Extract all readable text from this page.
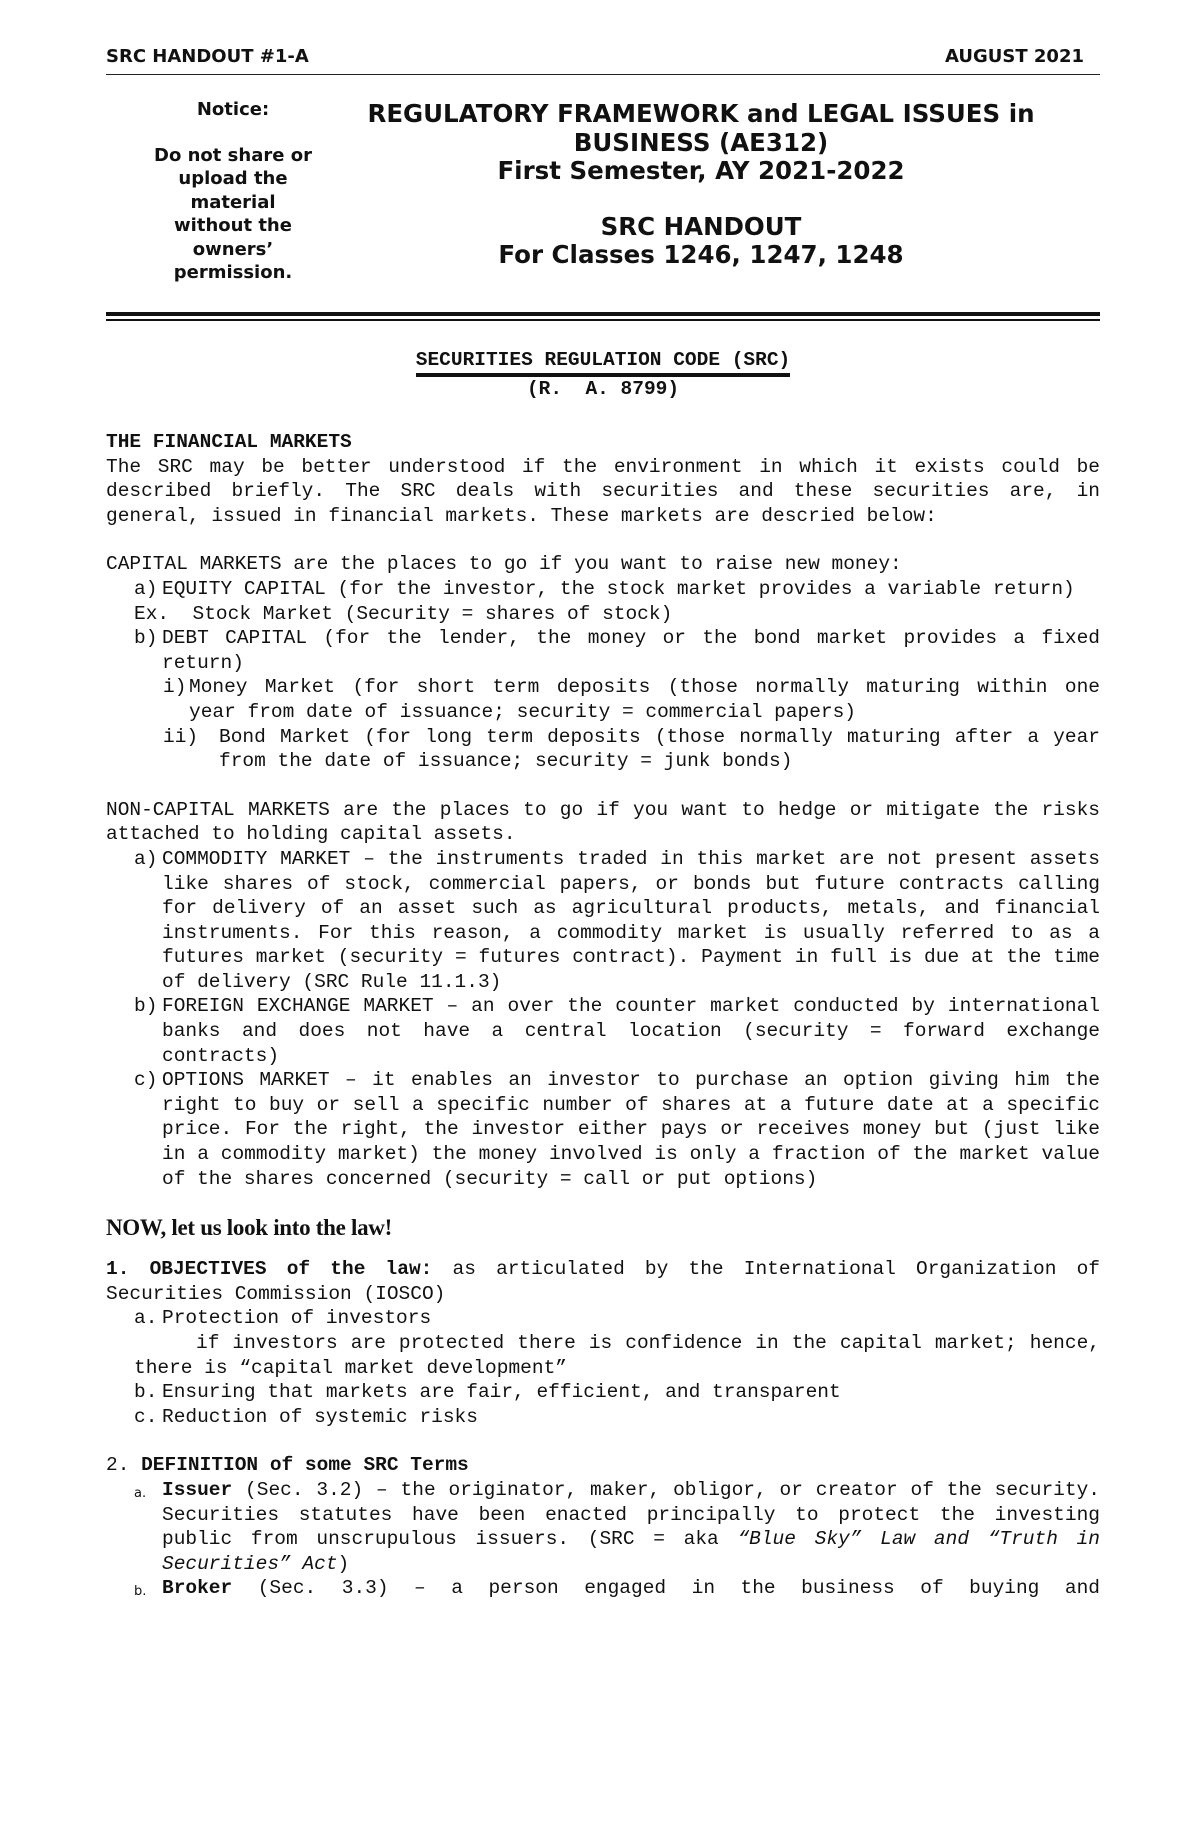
SRC HANDOUT #1-A	AUGUST 2021
Notice:
Do not share or
upload the
material
without the
owners’
permission.
REGULATORY FRAMEWORK and LEGAL ISSUES in
BUSINESS (AE312)
First Semester, AY 2021-2022
SRC HANDOUT
For Classes 1246, 1247, 1248
SECURITIES REGULATION CODE (SRC)
(R.  A. 8799)
THE FINANCIAL MARKETS

The SRC may be better understood if the environment in which it exists could be described briefly. The SRC deals with securities and these securities are, in general, issued in financial markets. These markets are descried below:

CAPITAL MARKETS are the places to go if you want to raise new money:

a) EQUITY CAPITAL (for the investor, the stock market provides a variable return)
Ex.  Stock Market (Security = shares of stock)
b) DEBT CAPITAL (for the lender, the money or the bond market provides a fixed return)
i) Money Market (for short term deposits (those normally maturing within one year from date of issuance; security = commercial papers)
ii)	Bond Market (for long term deposits (those normally maturing after a year from the date of issuance; security = junk bonds)

NON-CAPITAL MARKETS are the places to go if you want to hedge or mitigate the risks attached to holding capital assets.

a) COMMODITY MARKET – the instruments traded in this market are not present assets like shares of stock, commercial papers, or bonds but future contracts calling for delivery of an asset such as agricultural products, metals, and financial instruments. For this reason, a commodity market is usually referred to as a futures market (security = futures contract). Payment in full is due at the time of delivery (SRC Rule 11.1.3)
b) FOREIGN EXCHANGE MARKET – an over the counter market conducted by international banks and does not have a central location (security = forward exchange contracts)
c) OPTIONS MARKET – it enables an investor to purchase an option giving him the right to buy or sell a specific number of shares at a future date at a specific price. For the right, the investor either pays or receives money but (just like in a commodity market) the money involved is only a fraction of the market value of the shares concerned (security = call or put options)
NOW, let us look into the law!

1. OBJECTIVES of the law: as articulated by the International Organization of Securities Commission (IOSCO)

a. Protection of investors
if investors are protected there is confidence in the capital market; hence, there is “capital market development”
b. Ensuring that markets are fair, efficient, and transparent
c. Reduction of systemic risks
2. DEFINITION of some SRC Terms
a. Issuer (Sec. 3.2) – the originator, maker, obligor, or creator of the security. Securities statutes have been enacted principally to protect the investing public from unscrupulous issuers. (SRC = aka “Blue Sky” Law and “Truth in Securities” Act)
b. Broker (Sec. 3.3) – a person engaged in the business of buying and
